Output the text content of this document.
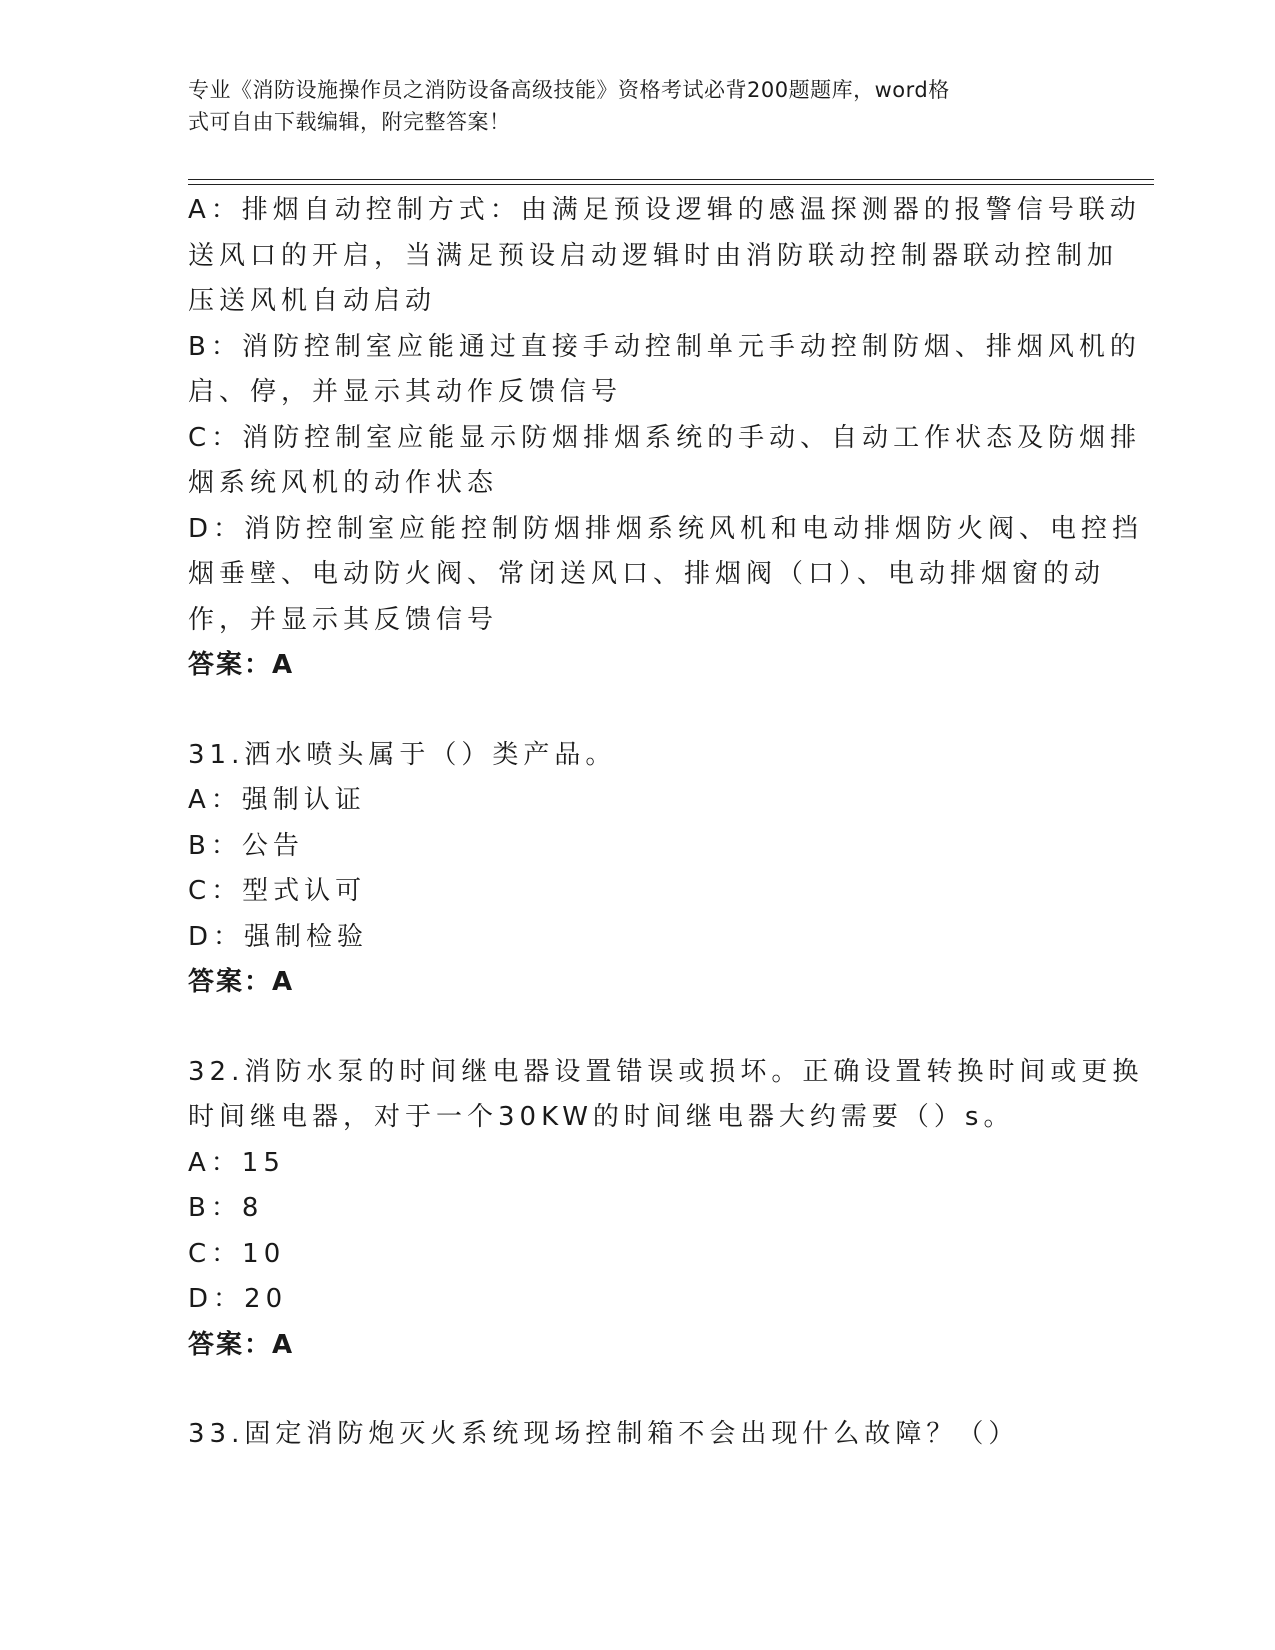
专业《消防设施操作员之消防设备高级技能》资格考试必背200题题库，word格
式可自由下载编辑，附完整答案！
A：排烟自动控制方式：由满足预设逻辑的感温探测器的报警信号联动
送风口的开启，当满足预设启动逻辑时由消防联动控制器联动控制加
压送风机自动启动
B：消防控制室应能通过直接手动控制单元手动控制防烟、排烟风机的
启、停，并显示其动作反馈信号
C：消防控制室应能显示防烟排烟系统的手动、自动工作状态及防烟排
烟系统风机的动作状态
D：消防控制室应能控制防烟排烟系统风机和电动排烟防火阀、电控挡
烟垂壁、电动防火阀、常闭送风口、排烟阀（口）、电动排烟窗的动
作，并显示其反馈信号
答案：A
31.洒水喷头属于（）类产品。
A：强制认证
B：公告
C：型式认可
D：强制检验
答案：A
32.消防水泵的时间继电器设置错误或损坏。正确设置转换时间或更换
时间继电器，对于一个30KW的时间继电器大约需要（）s。
A：15
B：8
C：10
D：20
答案：A
33.固定消防炮灭火系统现场控制箱不会出现什么故障？（）
